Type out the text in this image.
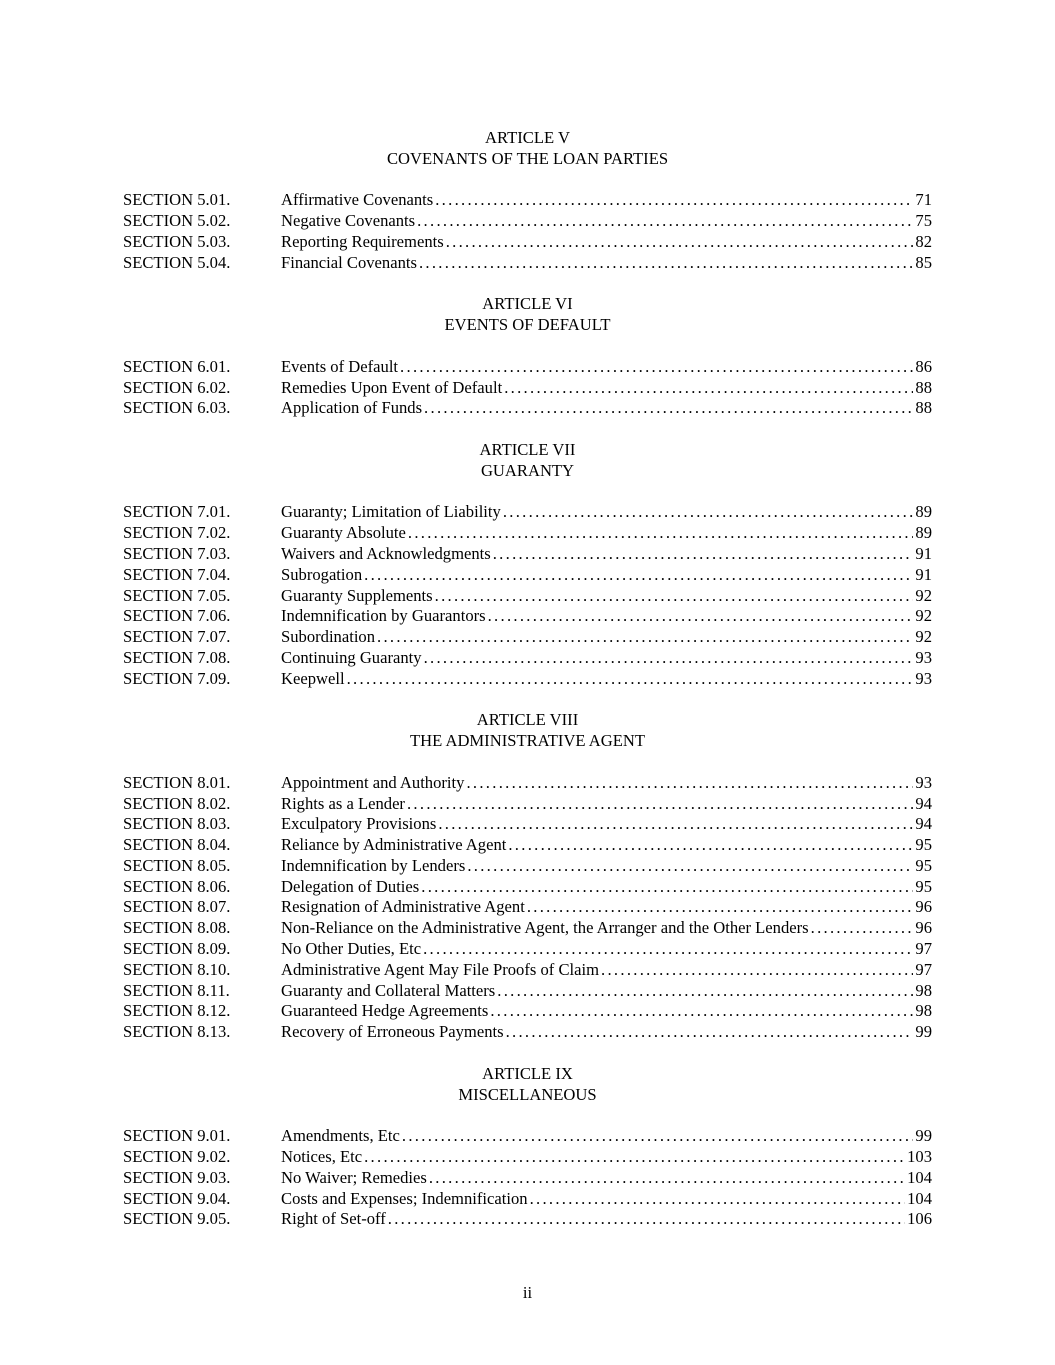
ARTICLE V
COVENANTS OF THE LOAN PARTIES
SECTION 5.01.	Affirmative Covenants .....	71
SECTION 5.02.	Negative Covenants .....	75
SECTION 5.03.	Reporting Requirements .....	82
SECTION 5.04.	Financial Covenants .....	85
ARTICLE VI
EVENTS OF DEFAULT
SECTION 6.01.	Events of Default .....	86
SECTION 6.02.	Remedies Upon Event of Default .....	88
SECTION 6.03.	Application of Funds .....	88
ARTICLE VII
GUARANTY
SECTION 7.01.	Guaranty; Limitation of Liability .....	89
SECTION 7.02.	Guaranty Absolute .....	89
SECTION 7.03.	Waivers and Acknowledgments .....	91
SECTION 7.04.	Subrogation .....	91
SECTION 7.05.	Guaranty Supplements .....	92
SECTION 7.06.	Indemnification by Guarantors .....	92
SECTION 7.07.	Subordination .....	92
SECTION 7.08.	Continuing Guaranty .....	93
SECTION 7.09.	Keepwell .....	93
ARTICLE VIII
THE ADMINISTRATIVE AGENT
SECTION 8.01.	Appointment and Authority .....	93
SECTION 8.02.	Rights as a Lender .....	94
SECTION 8.03.	Exculpatory Provisions .....	94
SECTION 8.04.	Reliance by Administrative Agent .....	95
SECTION 8.05.	Indemnification by Lenders .....	95
SECTION 8.06.	Delegation of Duties .....	95
SECTION 8.07.	Resignation of Administrative Agent .....	96
SECTION 8.08.	Non-Reliance on the Administrative Agent, the Arranger and the Other Lenders .....	96
SECTION 8.09.	No Other Duties, Etc .....	97
SECTION 8.10.	Administrative Agent May File Proofs of Claim .....	97
SECTION 8.11.	Guaranty and Collateral Matters .....	98
SECTION 8.12.	Guaranteed Hedge Agreements .....	98
SECTION 8.13.	Recovery of Erroneous Payments .....	99
ARTICLE IX
MISCELLANEOUS
SECTION 9.01.	Amendments, Etc .....	99
SECTION 9.02.	Notices, Etc .....	103
SECTION 9.03.	No Waiver; Remedies .....	104
SECTION 9.04.	Costs and Expenses; Indemnification .....	104
SECTION 9.05.	Right of Set-off .....	106
ii
